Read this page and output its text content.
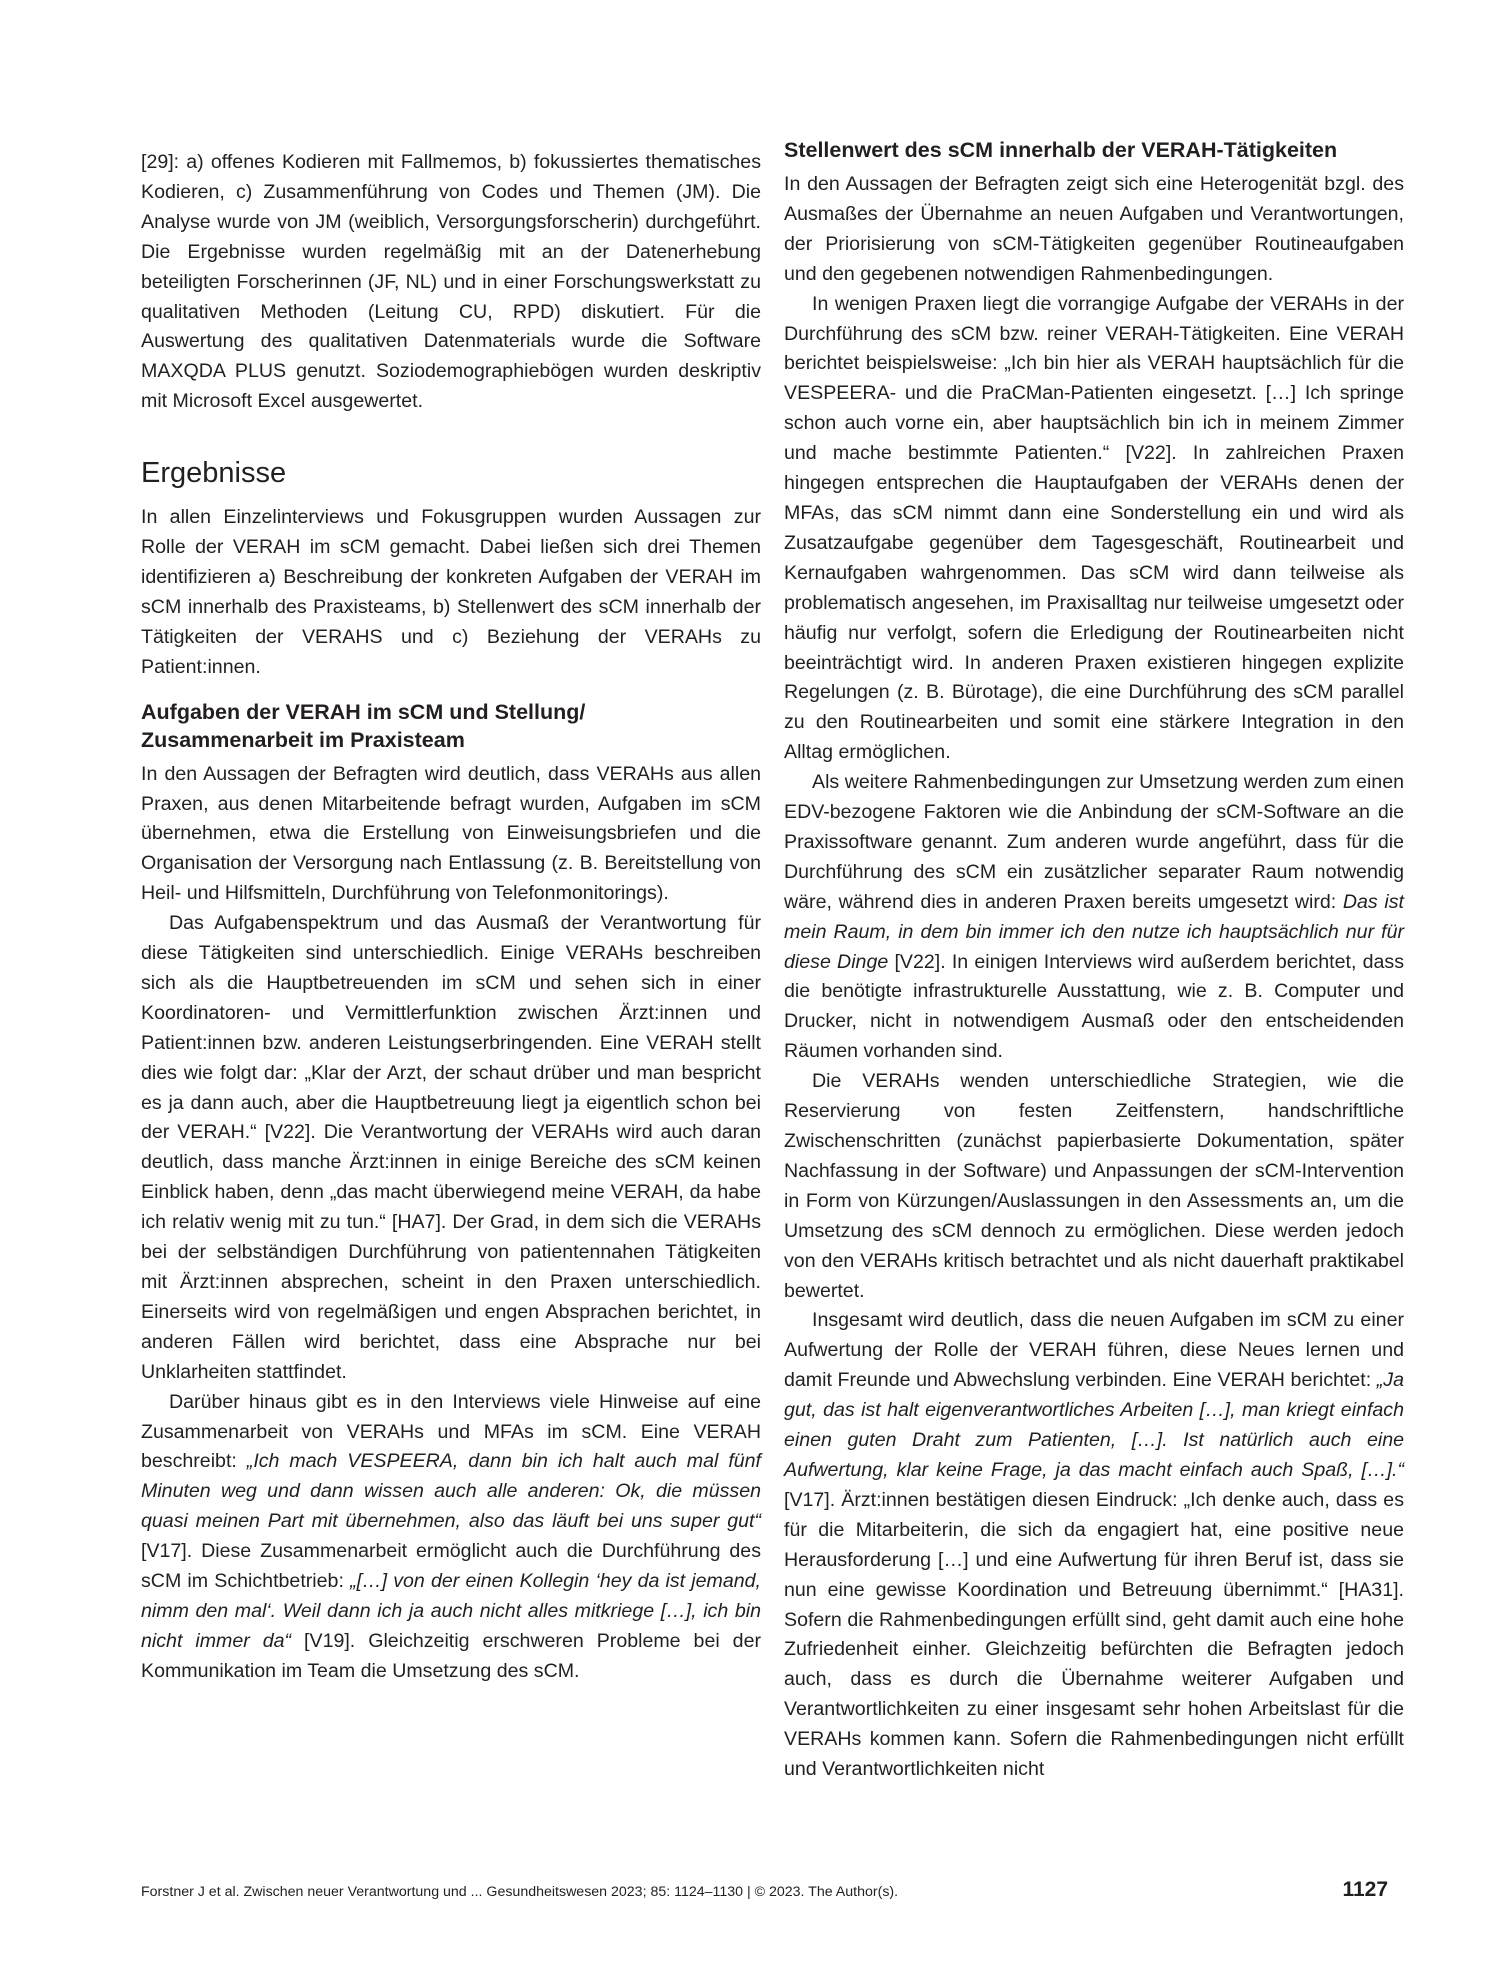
[29]: a) offenes Kodieren mit Fallmemos, b) fokussiertes thematisches Kodieren, c) Zusammenführung von Codes und Themen (JM). Die Analyse wurde von JM (weiblich, Versorgungsforscherin) durchgeführt. Die Ergebnisse wurden regelmäßig mit an der Datenerhebung beteiligten Forscherinnen (JF, NL) und in einer Forschungswerkstatt zu qualitativen Methoden (Leitung CU, RPD) diskutiert. Für die Auswertung des qualitativen Datenmaterials wurde die Software MAXQDA PLUS genutzt. Soziodemographiebögen wurden deskriptiv mit Microsoft Excel ausgewertet.

Ergebnisse

In allen Einzelinterviews und Fokusgruppen wurden Aussagen zur Rolle der VERAH im sCM gemacht. Dabei ließen sich drei Themen identifizieren a) Beschreibung der konkreten Aufgaben der VERAH im sCM innerhalb des Praxisteams, b) Stellenwert des sCM innerhalb der Tätigkeiten der VERAHS und c) Beziehung der VERAHs zu Patient:innen.

Aufgaben der VERAH im sCM und Stellung/ Zusammenarbeit im Praxisteam

In den Aussagen der Befragten wird deutlich, dass VERAHs aus allen Praxen, aus denen Mitarbeitende befragt wurden, Aufgaben im sCM übernehmen, etwa die Erstellung von Einweisungsbriefen und die Organisation der Versorgung nach Entlassung (z. B. Bereitstellung von Heil- und Hilfsmitteln, Durchführung von Telefonmonitorings).

Das Aufgabenspektrum und das Ausmaß der Verantwortung für diese Tätigkeiten sind unterschiedlich. Einige VERAHs beschreiben sich als die Hauptbetreuenden im sCM und sehen sich in einer Koordinatoren- und Vermittlerfunktion zwischen Ärzt:innen und Patient:innen bzw. anderen Leistungserbringenden. Eine VERAH stellt dies wie folgt dar: „Klar der Arzt, der schaut drüber und man bespricht es ja dann auch, aber die Hauptbetreuung liegt ja eigentlich schon bei der VERAH.“ [V22]. Die Verantwortung der VERAHs wird auch daran deutlich, dass manche Ärzt:innen in einige Bereiche des sCM keinen Einblick haben, denn „das macht überwiegend meine VERAH, da habe ich relativ wenig mit zu tun.“ [HA7]. Der Grad, in dem sich die VERAHs bei der selbständigen Durchführung von patientennahen Tätigkeiten mit Ärzt:innen absprechen, scheint in den Praxen unterschiedlich. Einerseits wird von regelmäßigen und engen Absprachen berichtet, in anderen Fällen wird berichtet, dass eine Absprache nur bei Unklarheiten stattfindet.

Darüber hinaus gibt es in den Interviews viele Hinweise auf eine Zusammenarbeit von VERAHs und MFAs im sCM. Eine VERAH beschreibt: „Ich mach VESPEERA, dann bin ich halt auch mal fünf Minuten weg und dann wissen auch alle anderen: Ok, die müssen quasi meinen Part mit übernehmen, also das läuft bei uns super gut“ [V17]. Diese Zusammenarbeit ermöglicht auch die Durchführung des sCM im Schichtbetrieb: „[…] von der einen Kollegin ‘hey da ist jemand, nimm den mal‘. Weil dann ich ja auch nicht alles mitkriege […], ich bin nicht immer da“ [V19]. Gleichzeitig erschweren Probleme bei der Kommunikation im Team die Umsetzung des sCM.

Stellenwert des sCM innerhalb der VERAH-Tätigkeiten

In den Aussagen der Befragten zeigt sich eine Heterogenität bzgl. des Ausmaßes der Übernahme an neuen Aufgaben und Verantwortungen, der Priorisierung von sCM-Tätigkeiten gegenüber Routineaufgaben und den gegebenen notwendigen Rahmenbedingungen.

In wenigen Praxen liegt die vorrangige Aufgabe der VERAHs in der Durchführung des sCM bzw. reiner VERAH-Tätigkeiten. Eine VERAH berichtet beispielsweise: „Ich bin hier als VERAH hauptsächlich für die VESPEERA- und die PraCMan-Patienten eingesetzt. […] Ich springe schon auch vorne ein, aber hauptsächlich bin ich in meinem Zimmer und mache bestimmte Patienten.“ [V22]. In zahlreichen Praxen hingegen entsprechen die Hauptaufgaben der VERAHs denen der MFAs, das sCM nimmt dann eine Sonderstellung ein und wird als Zusatzaufgabe gegenüber dem Tagesgeschäft, Routinearbeit und Kernaufgaben wahrgenommen. Das sCM wird dann teilweise als problematisch angesehen, im Praxisalltag nur teilweise umgesetzt oder häufig nur verfolgt, sofern die Erledigung der Routinearbeiten nicht beeinträchtigt wird. In anderen Praxen existieren hingegen explizite Regelungen (z. B. Bürotage), die eine Durchführung des sCM parallel zu den Routinearbeiten und somit eine stärkere Integration in den Alltag ermöglichen.

Als weitere Rahmenbedingungen zur Umsetzung werden zum einen EDV-bezogene Faktoren wie die Anbindung der sCM-Software an die Praxissoftware genannt. Zum anderen wurde angeführt, dass für die Durchführung des sCM ein zusätzlicher separater Raum notwendig wäre, während dies in anderen Praxen bereits umgesetzt wird: Das ist mein Raum, in dem bin immer ich den nutze ich hauptsächlich nur für diese Dinge [V22]. In einigen Interviews wird außerdem berichtet, dass die benötigte infrastrukturelle Ausstattung, wie z. B. Computer und Drucker, nicht in notwendigem Ausmaß oder den entscheidenden Räumen vorhanden sind.

Die VERAHs wenden unterschiedliche Strategien, wie die Reservierung von festen Zeitfenstern, handschriftliche Zwischenschritten (zunächst papierbasierte Dokumentation, später Nachfassung in der Software) und Anpassungen der sCM-Intervention in Form von Kürzungen/Auslassungen in den Assessments an, um die Umsetzung des sCM dennoch zu ermöglichen. Diese werden jedoch von den VERAHs kritisch betrachtet und als nicht dauerhaft praktikabel bewertet.

Insgesamt wird deutlich, dass die neuen Aufgaben im sCM zu einer Aufwertung der Rolle der VERAH führen, diese Neues lernen und damit Freunde und Abwechslung verbinden. Eine VERAH berichtet: „Ja gut, das ist halt eigenverantwortliches Arbeiten […], man kriegt einfach einen guten Draht zum Patienten, […]. Ist natürlich auch eine Aufwertung, klar keine Frage, ja das macht einfach auch Spaß, […].“ [V17]. Ärzt:innen bestätigen diesen Eindruck: „Ich denke auch, dass es für die Mitarbeiterin, die sich da engagiert hat, eine positive neue Herausforderung […] und eine Aufwertung für ihren Beruf ist, dass sie nun eine gewisse Koordination und Betreuung übernimmt.“ [HA31]. Sofern die Rahmenbedingungen erfüllt sind, geht damit auch eine hohe Zufriedenheit einher. Gleichzeitig befürchten die Befragten jedoch auch, dass es durch die Übernahme weiterer Aufgaben und Verantwortlichkeiten zu einer insgesamt sehr hohen Arbeitslast für die VERAHs kommen kann. Sofern die Rahmenbedingungen nicht erfüllt und Verantwortlichkeiten nicht

Forstner J et al. Zwischen neuer Verantwortung und ... Gesundheitswesen 2023; 85: 1124–1130 | © 2023. The Author(s).	1127
